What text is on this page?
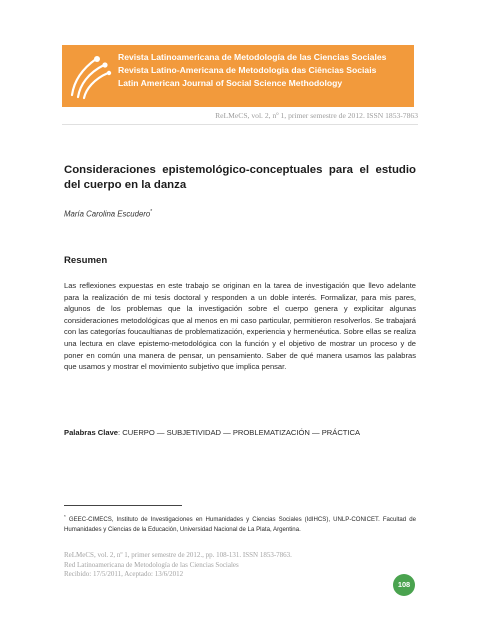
Revista Latinoamericana de Metodología de las Ciencias Sociales
Revista Latino-Americana de Metodologia das Ciências Sociais
Latin American Journal of Social Science Methodology
ReLMeCS, vol. 2, nº 1, primer semestre de 2012. ISSN 1853-7863
Consideraciones epistemológico-conceptuales para el estudio del cuerpo en la danza
María Carolina Escudero*
Resumen
Las reflexiones expuestas en este trabajo se originan en la tarea de investigación que llevo adelante para la realización de mi tesis doctoral y responden a un doble interés. Formalizar, para mis pares, algunos de los problemas que la investigación sobre el cuerpo genera y explicitar algunas consideraciones metodológicas que al menos en mi caso particular, permitieron resolverlos. Se trabajará con las categorías foucaultianas de problematización, experiencia y hermenéutica. Sobre ellas se realiza una lectura en clave epistemo-metodológica con la función y el objetivo de mostrar un proceso y de poner en común una manera de pensar, un pensamiento. Saber de qué manera usamos las palabras que usamos y mostrar el movimiento subjetivo que implica pensar.
Palabras Clave: CUERPO — SUBJETIVIDAD — PROBLEMATIZACIÓN — PRÁCTICA
* GEEC-CIMECS, Instituto de Investigaciones en Humanidades y Ciencias Sociales (IdIHCS), UNLP-CONICET. Facultad de Humanidades y Ciencias de la Educación, Universidad Nacional de La Plata, Argentina.
ReLMeCS, vol. 2, nº 1, primer semestre de 2012., pp. 108-131. ISSN 1853-7863.
Red Latinoamericana de Metodología de las Ciencias Sociales
Recibido: 17/5/2011, Aceptado: 13/6/2012
108
